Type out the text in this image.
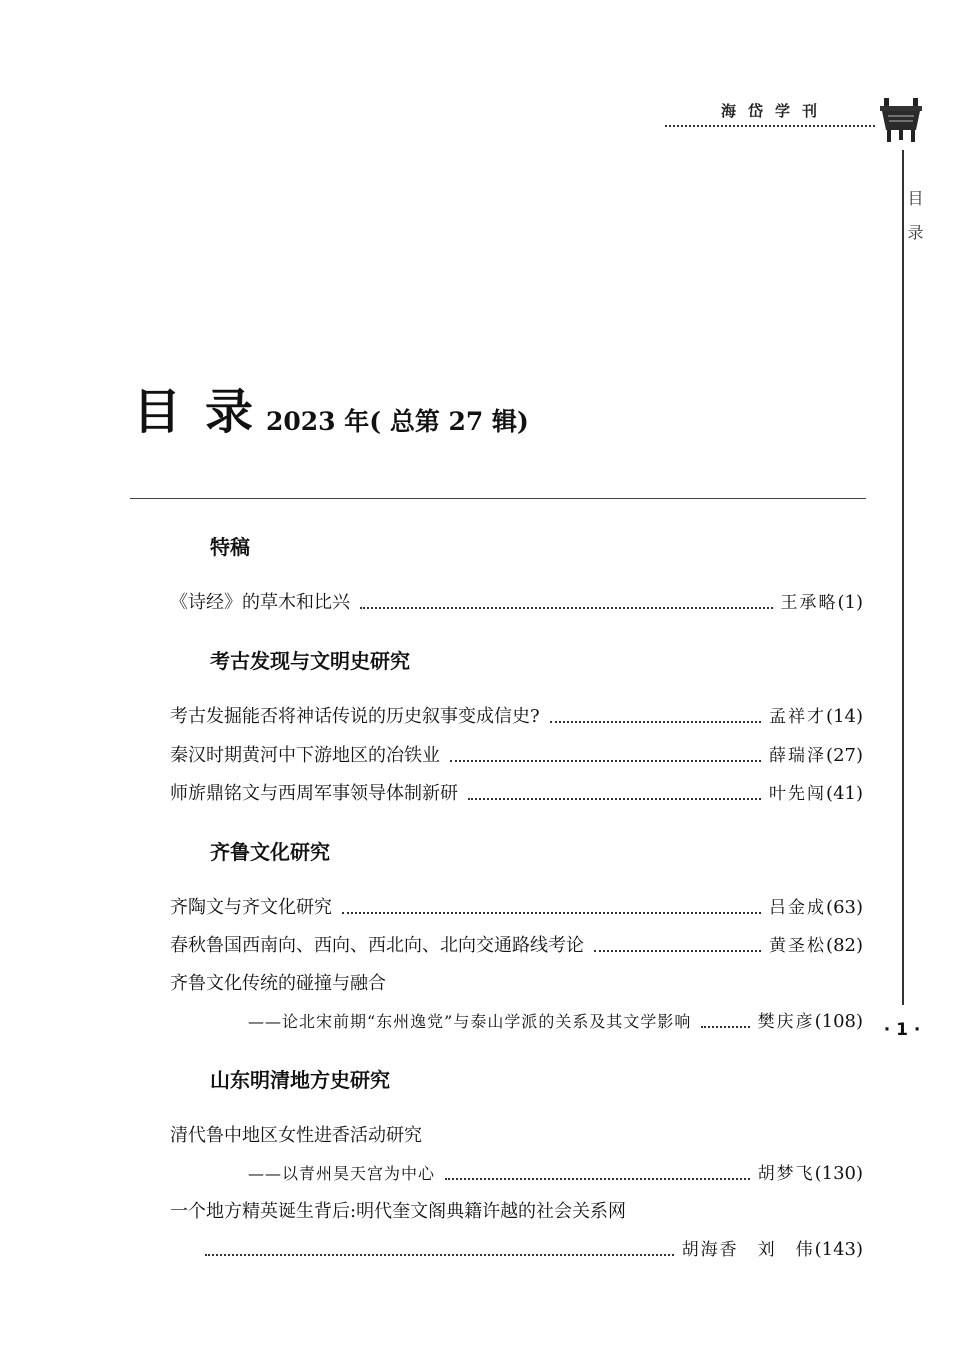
海岱学刊
目录
· 1 ·
目录
2023 年( 总第 27 辑)
特稿
《诗经》的草木和比兴	王承略 (1)
考古发现与文明史研究
考古发掘能否将神话传说的历史叙事变成信史?	孟祥才 (14)
秦汉时期黄河中下游地区的冶铁业	薛瑞泽 (27)
师旂鼎铭文与西周军事领导体制新研	叶先闯 (41)
齐鲁文化研究
齐陶文与齐文化研究	吕金成 (63)
春秋鲁国西南向、西向、西北向、北向交通路线考论	黄圣松 (82)
齐鲁文化传统的碰撞与融合
——论北宋前期“东州逸党”与泰山学派的关系及其文学影响	樊庆彦 (108)
山东明清地方史研究
清代鲁中地区女性进香活动研究
——以青州昊天宫为中心	胡梦飞 (130)
一个地方精英诞生背后:明代奎文阁典籍许越的社会关系网
胡海香　刘　伟 (143)
